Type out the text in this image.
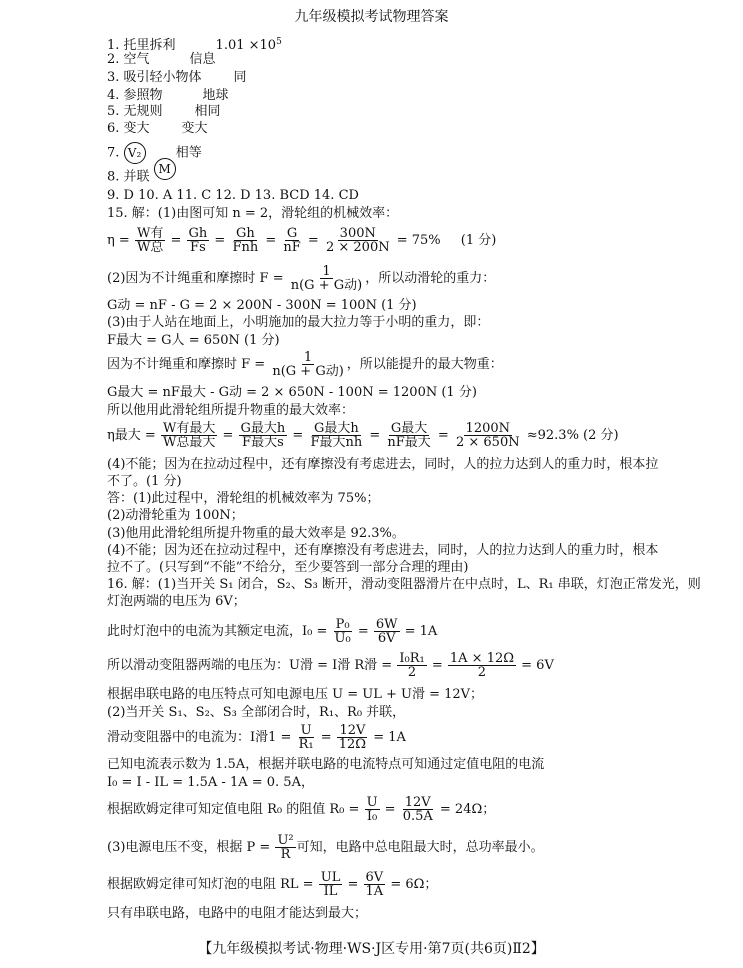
九年级模拟考试物理答案
1. 托里拆利	$1.01 \times 10^5$
2. 空气	信息
3. 吸引轻小物体 同
4. 参照物	地球
5. 无规则 相同
6. 变大 变大
7. V₂	相等
8. 并联 M
9. D 10. A 11. C 12. D 13. BCD 14. CD
15. 解：(1)由图可知 n = 2，滑轮组的机械效率：
$\eta = \frac{\text{W有}}{\text{W总}} = \frac{Gh}{Fs} = \frac{Gh}{\text{Fnh}} = \frac{G}{nF} = \frac{300N}{2 \times 200N} = 75\%$ (1 分)
(2)因为不计绳重和摩擦时 $F = \frac{1}{\text{n(G + G动)}}$ ，所以动滑轮的重力：
G动 = nF - G = 2 × 200N - 300N = 100N (1 分)
(3)由于人站在地面上，小明施加的最大拉力等于小明的重力，即：
F最大 = G人 = 650N (1 分)
因为不计绳重和摩擦时 $F = \frac{1}{\text{n(G + G动)}}$ ，所以能提升的最大物重：
G最大 = nF最大 - G动 = 2 × 650N - 100N = 1200N (1 分)
所以他用此滑轮组所提升物重的最大效率：
η最大 = $\frac{\text{W有最大}}{\text{W总最大}} = \frac{\text{G最大h}}{\text{F最大s}} = \frac{\text{G最大h}}{\text{F最大nh}} = \frac{\text{G最大}}{\text{nF最大}} = \frac{1200N}{2 \times 650N} \approx 92.3\%$ (2 分)
(4)不能；因为在拉动过程中，还有摩擦没有考虑进去，同时，人的拉力达到人的重力时，根本拉
不了。(1 分)
答：(1)此过程中，滑轮组的机械效率为 75%；
(2)动滑轮重为 100N；
(3)他用此滑轮组所提升物重的最大效率是 92.3%。
(4)不能；因为还在拉动过程中，还有摩擦没有考虑进去，同时，人的拉力达到人的重力时，根本
拉不了。(只写到“不能”不给分，至少要答到一部分合理的理由)
16. 解：(1)当开关 S₁ 闭合，S₂、S₃ 断开，滑动变阻器滑片在中点时，L、R₁ 串联，灯泡正常发光，则
灯泡两端的电压为 6V；
此时灯泡中的电流为其额定电流，$I_0 = \frac{\text{P₀}}{\text{U₀}} = \frac{6W}{6V} = 1A$
所以滑动变阻器两端的电压为：U滑 = I滑 R滑 = $\frac{\text{I₀R₁}}{2} = \frac{1A \times 12\Omega}{2} = 6V$
根据串联电路的电压特点可知电源电压 U = UL + U滑 = 12V；
(2)当开关 S₁、S₂、S₃ 全部闭合时，R₁、R₀ 并联，
滑动变阻器中的电流为：I滑$1 = \frac{U}{\text{R₁}} = \frac{12V}{12\Omega} = 1A$
已知电流表示数为 1.5A，根据并联电路的电流特点可知通过定值电阻的电流
I₀ = I - IL = 1.5A - 1A = 0. 5A，
根据欧姆定律可知定值电阻 R₀ 的阻值 $R_0 = \frac{U}{\text{I₀}} = \frac{12V}{0.5A} = 24\Omega$；
(3)电源电压不变，根据 $P = \frac{\text{U²}}{R}$ 可知，电路中总电阻最大时，总功率最小。
根据欧姆定律可知灯泡的电阻 RL = $\frac{UL}{IL} = \frac{6V}{1A} = 6\Omega$；
只有串联电路，电路中的电阻才能达到最大；
【九年级模拟考试·物理·WS·J区专用·第7页(共6页)Ⅱ2】
